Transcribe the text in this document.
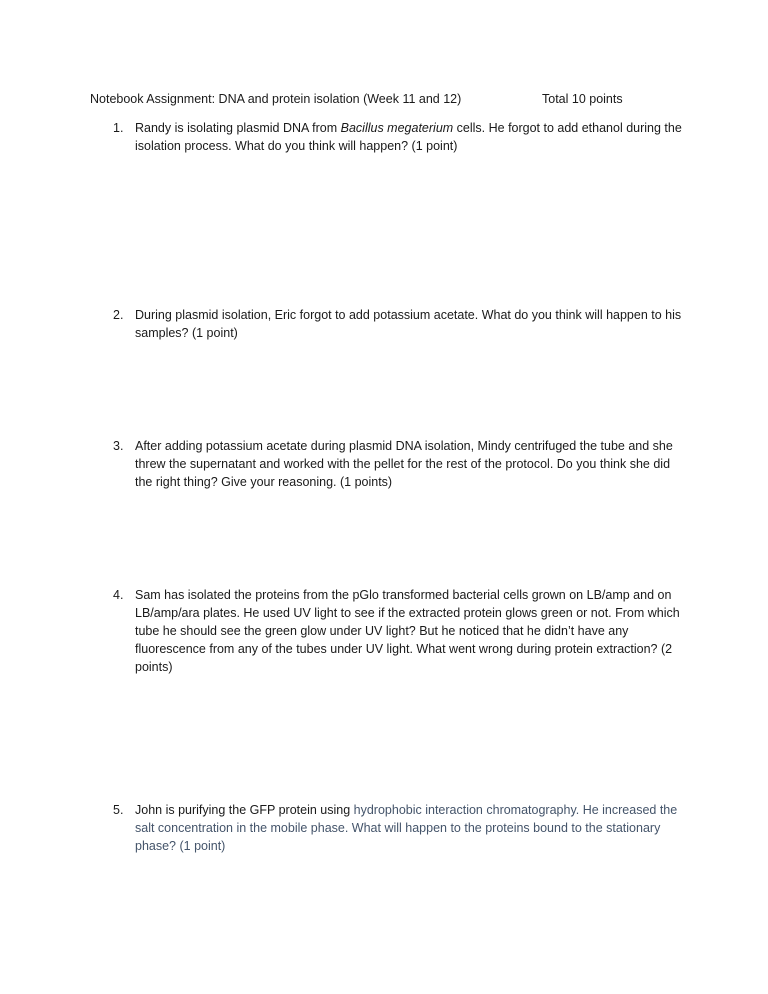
Notebook Assignment: DNA and protein isolation (Week 11 and 12)	Total 10 points
1. Randy is isolating plasmid DNA from Bacillus megaterium cells. He forgot to add ethanol during the isolation process. What do you think will happen? (1 point)
2. During plasmid isolation, Eric forgot to add potassium acetate. What do you think will happen to his samples? (1 point)
3. After adding potassium acetate during plasmid DNA isolation, Mindy centrifuged the tube and she threw the supernatant and worked with the pellet for the rest of the protocol. Do you think she did the right thing? Give your reasoning. (1 points)
4. Sam has isolated the proteins from the pGlo transformed bacterial cells grown on LB/amp and on LB/amp/ara plates. He used UV light to see if the extracted protein glows green or not. From which tube he should see the green glow under UV light? But he noticed that he didn’t have any fluorescence from any of the tubes under UV light. What went wrong during protein extraction? (2 points)
5. John is purifying the GFP protein using hydrophobic interaction chromatography. He increased the salt concentration in the mobile phase. What will happen to the proteins bound to the stationary phase? (1 point)
